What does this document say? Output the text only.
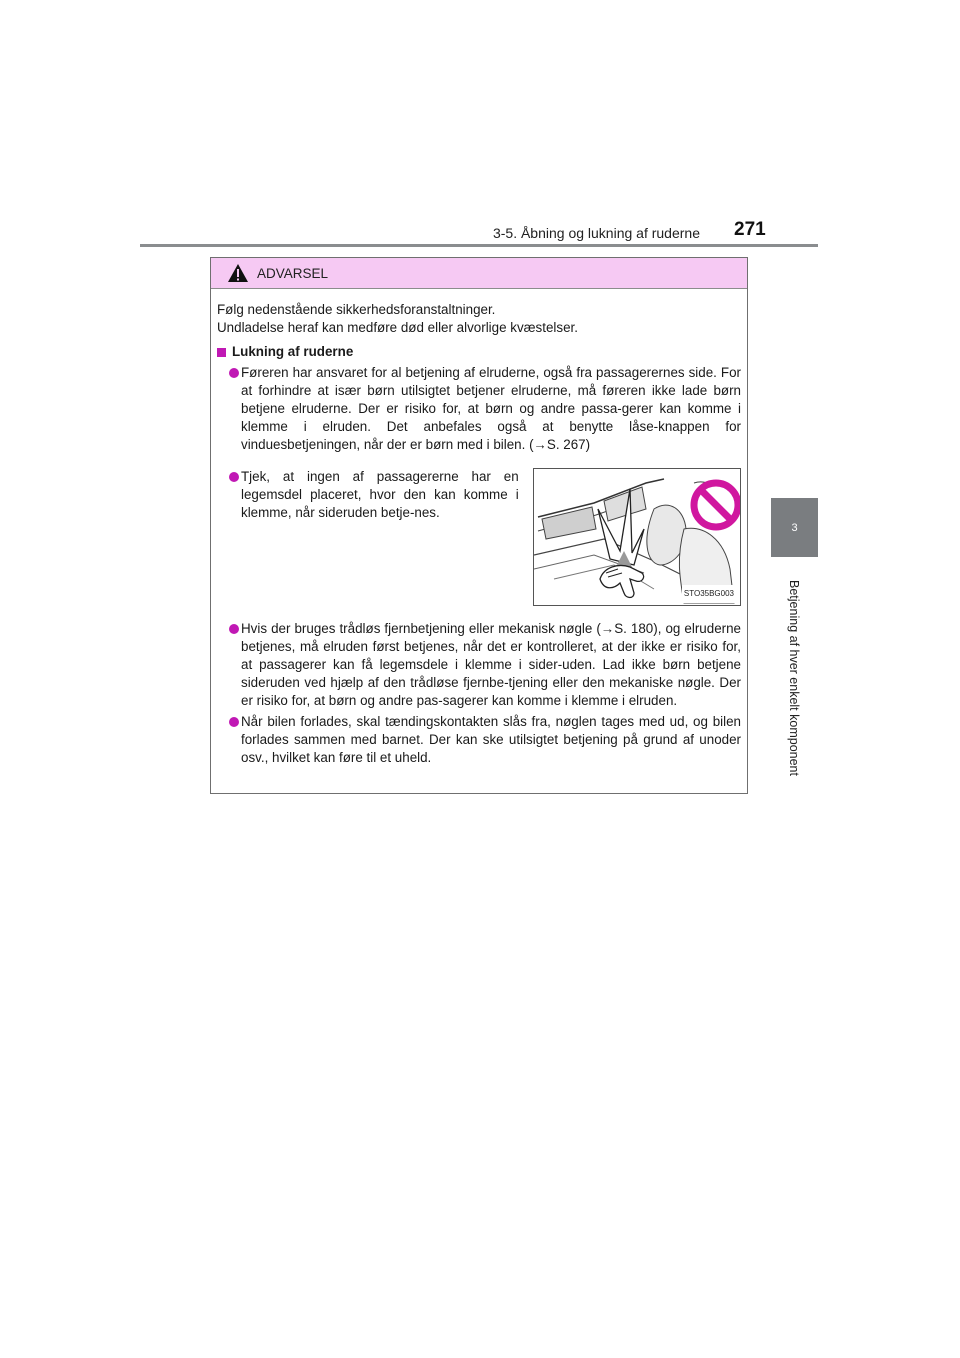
3-5. Åbning og lukning af ruderne 271
3
Betjening af hver enkelt komponent
ADVARSEL

Følg nedenstående sikkerhedsforanstaltninger.

Undladelse heraf kan medføre død eller alvorlige kvæstelser.

Lukning af ruderne
Føreren har ansvaret for al betjening af elruderne, også fra passagerernes side. For at forhindre at især børn utilsigtet betjener elruderne, må føreren ikke lade børn betjene elruderne. Der er risiko for, at børn og andre passa-gerer kan komme i klemme i elruden. Det anbefales også at benytte låse-knappen for vinduesbetjeningen, når der er børn med i bilen. (→S. 267)
Tjek, at ingen af passagererne har en legemsdel placeret, hvor den kan komme i klemme, når sideruden betje-nes.
STO35BG003
Hvis der bruges trådløs fjernbetjening eller mekanisk nøgle (→S. 180), og elruderne betjenes, må elruden først betjenes, når det er kontrolleret, at der ikke er risiko for, at passagerer kan få legemsdele i klemme i sider-uden. Lad ikke børn betjene sideruden ved hjælp af den trådløse fjernbe-tjening eller den mekaniske nøgle. Der er risiko for, at børn og andre pas-sagerer kan komme i klemme i elruden.
Når bilen forlades, skal tændingskontakten slås fra, nøglen tages med ud, og bilen forlades sammen med barnet. Der kan ske utilsigtet betjening på grund af unoder osv., hvilket kan føre til et uheld.
